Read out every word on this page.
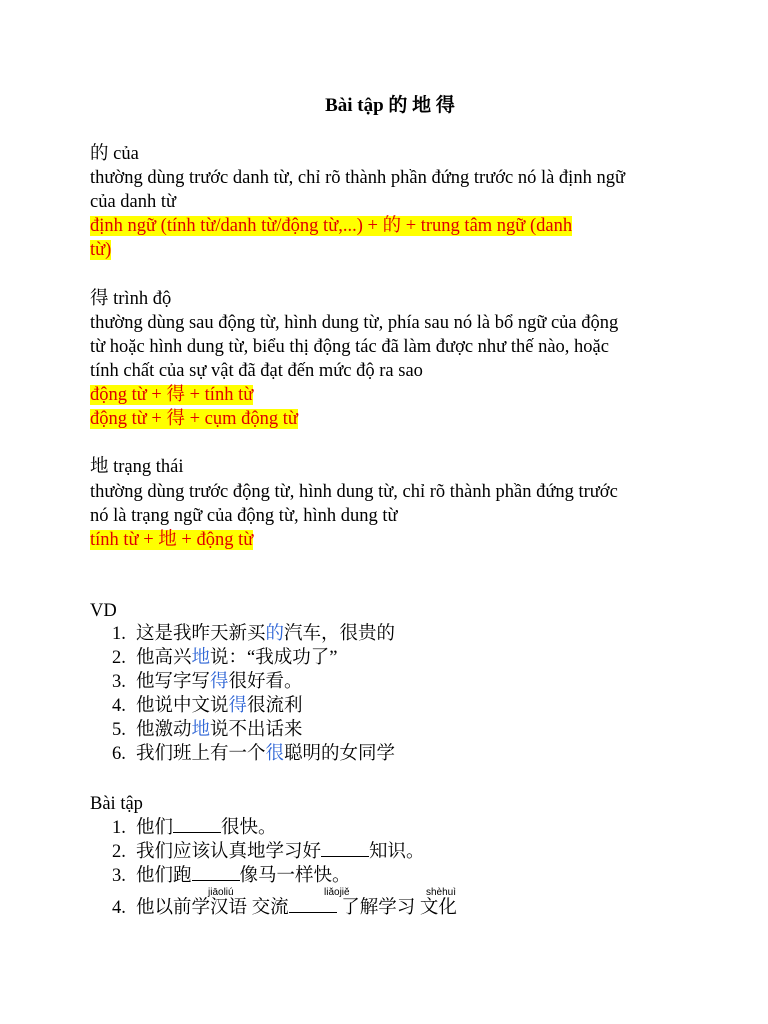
Bài tập 的 地 得
的 của
thường dùng trước danh từ, chỉ rõ thành phần đứng trước nó là định ngữ
của danh từ
định ngữ (tính từ/danh từ/động từ,...) + 的 + trung tâm ngữ (danh
từ)
得 trình độ
thường dùng sau động từ, hình dung từ, phía sau nó là bổ ngữ của động
từ hoặc hình dung từ, biểu thị động tác đã làm được như thế nào, hoặc
tính chất của sự vật đã đạt đến mức độ ra sao
động từ + 得 + tính từ
động từ + 得 + cụm động từ
地 trạng thái
thường dùng trước động từ, hình dung từ, chỉ rõ thành phần đứng trước
nó là trạng ngữ của động từ, hình dung từ
tính từ + 地 + động từ
VD
1. 这是我昨天新买的汽车，很贵的
2. 他高兴地说：“我成功了”
3. 他写字写得很好看。
4. 他说中文说得很流利
5. 他激动地说不出话来
6. 我们班上有一个很聪明的女同学
Bài tập
1. 他们	很快。
2. 我们应该认真地学习好	知识。
3. 他们跑	像马一样快。
4. 他以前学汉语 交流	了解学习 文化
jiāoliú	liǎojiě	shèhuì
